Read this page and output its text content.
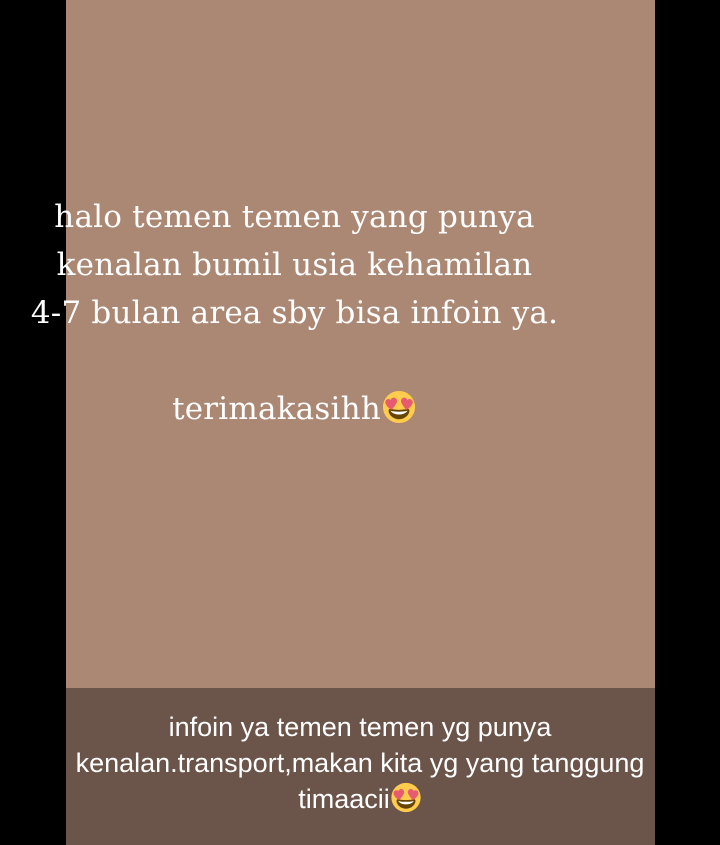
halo temen temen yang punya
kenalan bumil usia kehamilan
4-7 bulan area sby bisa infoin ya.
terimakasihh
infoin ya temen temen yg punya
kenalan.transport,makan kita yg yang tanggung
timaacii
